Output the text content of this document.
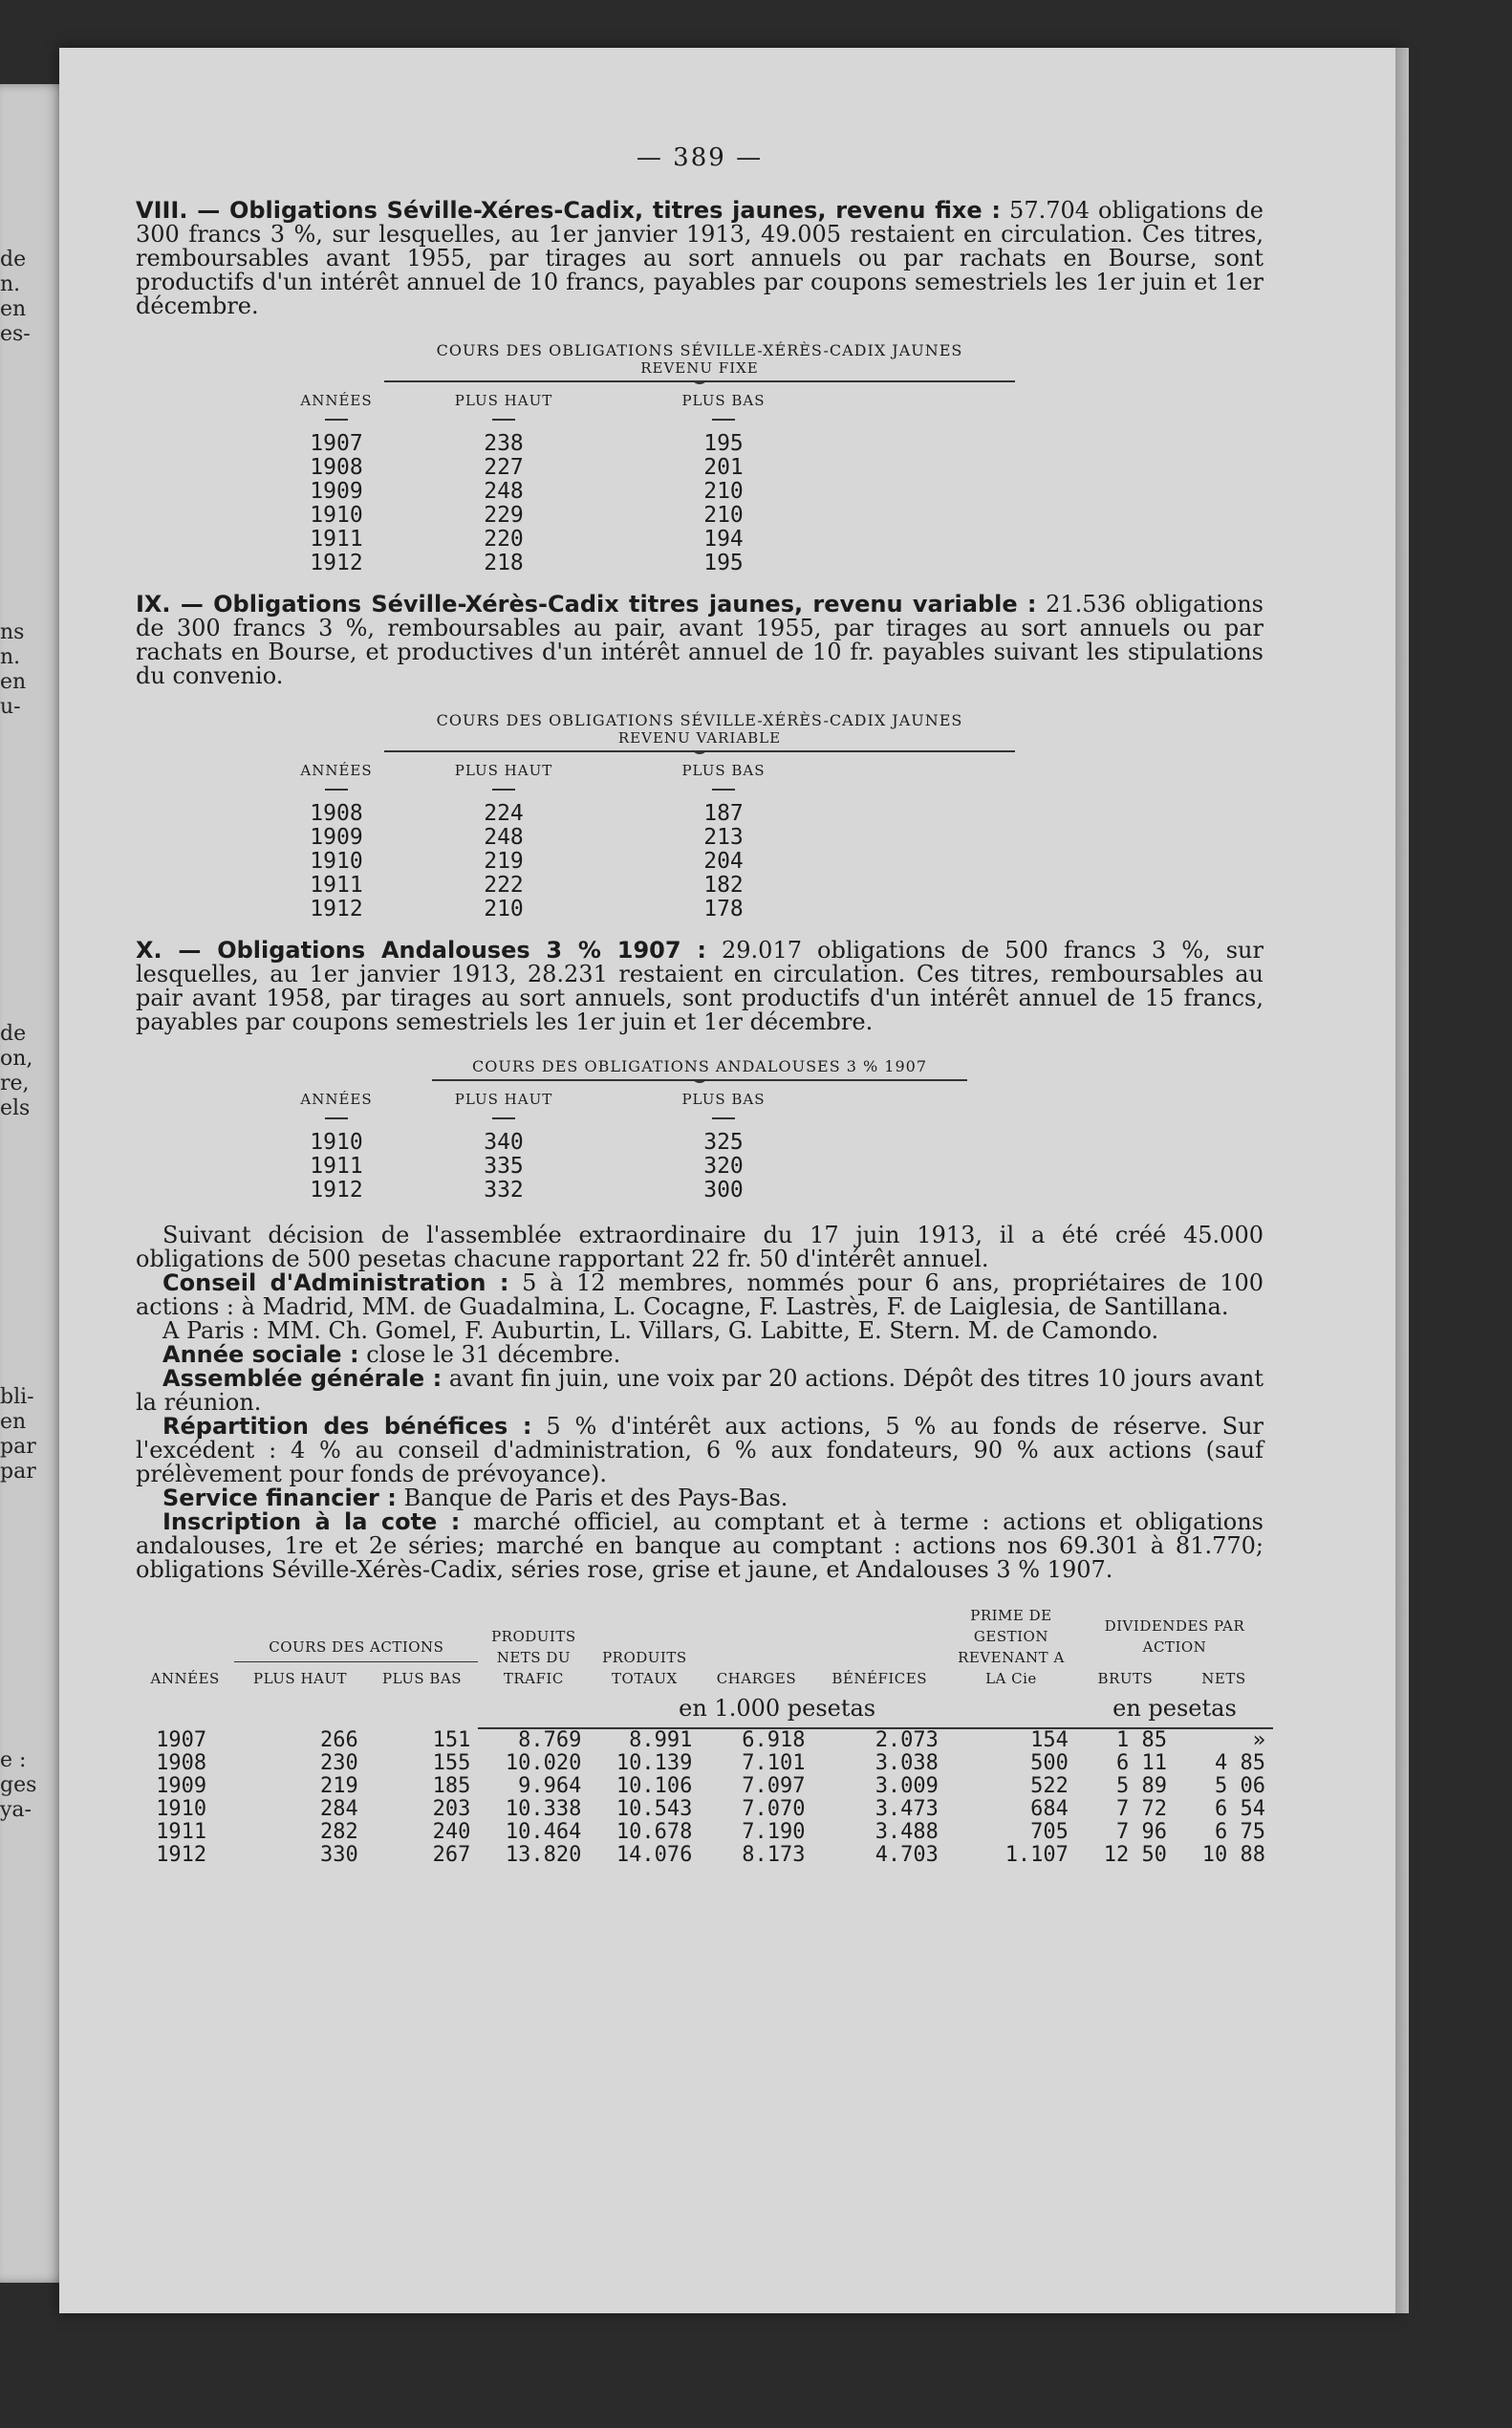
de
n.
en
es-
ns
n.
en
u-
de
on,
re,
els
bli-
en
par
par
e :
ges
ya-
— 389 —

VIII. — Obligations Séville-Xéres-Cadix, titres jaunes, revenu fixe : 57.704 obligations de 300 francs 3 %, sur lesquelles, au 1er janvier 1913, 49.005 restaient en circulation. Ces titres, remboursables avant 1955, par tirages au sort annuels ou par rachats en Bourse, sont productifs d'un intérêt annuel de 10 francs, payables par coupons semestriels les 1er juin et 1er décembre.

COURS DES OBLIGATIONS SÉVILLE-XÉRÈS-CADIX JAUNES
REVENU FIXE
ANNÉES	PLUS HAUT	PLUS BAS

1907	238	195
1908	227	201
1909	248	210
1910	229	210
1911	220	194
1912	218	195

IX. — Obligations Séville-Xérès-Cadix titres jaunes, revenu variable : 21.536 obligations de 300 francs 3 %, remboursables au pair, avant 1955, par tirages au sort annuels ou par rachats en Bourse, et productives d'un intérêt annuel de 10 fr. payables suivant les stipulations du convenio.

COURS DES OBLIGATIONS SÉVILLE-XÉRÈS-CADIX JAUNES
REVENU VARIABLE
ANNÉES	PLUS HAUT	PLUS BAS

1908	224	187
1909	248	213
1910	219	204
1911	222	182
1912	210	178

X. — Obligations Andalouses 3 % 1907 : 29.017 obligations de 500 francs 3 %, sur lesquelles, au 1er janvier 1913, 28.231 restaient en circulation. Ces titres, remboursables au pair avant 1958, par tirages au sort annuels, sont productifs d'un intérêt annuel de 15 francs, payables par coupons semestriels les 1er juin et 1er décembre.

COURS DES OBLIGATIONS ANDALOUSES 3 % 1907
ANNÉES	PLUS HAUT	PLUS BAS

1910	340	325
1911	335	320
1912	332	300

Suivant décision de l'assemblée extraordinaire du 17 juin 1913, il a été créé 45.000 obligations de 500 pesetas chacune rapportant 22 fr. 50 d'intérêt annuel.

Conseil d'Administration : 5 à 12 membres, nommés pour 6 ans, propriétaires de 100 actions : à Madrid, MM. de Guadalmina, L. Cocagne, F. Lastrès, F. de Laiglesia, de Santillana.

A Paris : MM. Ch. Gomel, F. Auburtin, L. Villars, G. Labitte, E. Stern. M. de Camondo.

Année sociale : close le 31 décembre.

Assemblée générale : avant fin juin, une voix par 20 actions. Dépôt des titres 10 jours avant la réunion.

Répartition des bénéfices : 5 % d'intérêt aux actions, 5 % au fonds de réserve. Sur l'excédent : 4 % au conseil d'administration, 6 % aux fondateurs, 90 % aux actions (sauf prélèvement pour fonds de prévoyance).

Service financier : Banque de Paris et des Pays-Bas.

Inscription à la cote : marché officiel, au comptant et à terme : actions et obligations andalouses, 1re et 2e séries; marché en banque au comptant : actions nos 69.301 à 81.770; obligations Séville-Xérès-Cadix, séries rose, grise et jaune, et Andalouses 3 % 1907.

ANNÉES	COURS DES ACTIONS		PRODUITS NETS DU TRAFIC	PRODUITS TOTAUX	CHARGES	BÉNÉFICES	PRIME DE GESTION REVENANT A LA Cie	DIVIDENDES PAR ACTION	
	PLUS HAUT	PLUS BAS						BRUTS	NETS
			en 1.000 pesetas					en pesetas	
1907	266	151	8.769	8.991	6.918	2.073	154	1 85	»
1908	230	155	10.020	10.139	7.101	3.038	500	6 11	4 85
1909	219	185	9.964	10.106	7.097	3.009	522	5 89	5 06
1910	284	203	10.338	10.543	7.070	3.473	684	7 72	6 54
1911	282	240	10.464	10.678	7.190	3.488	705	7 96	6 75
1912	330	267	13.820	14.076	8.173	4.703	1.107	12 50	10 88
